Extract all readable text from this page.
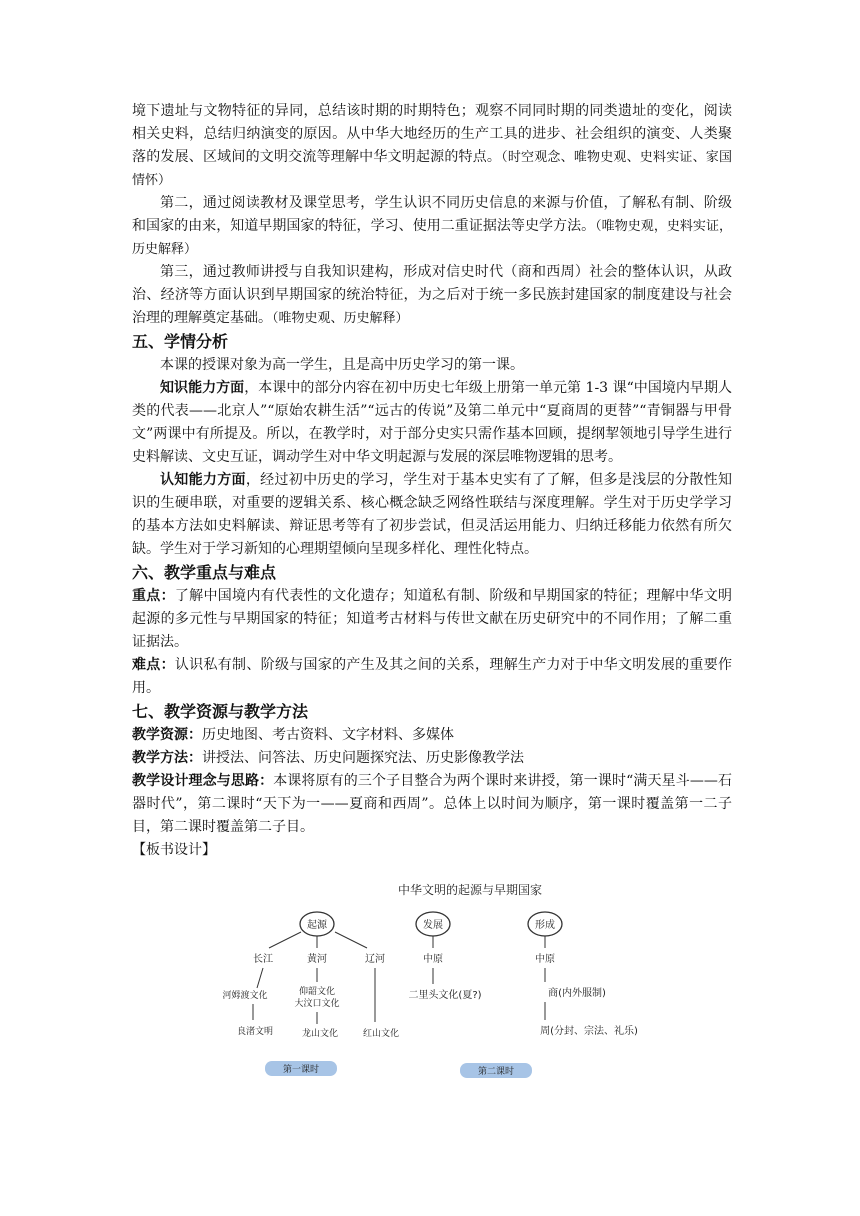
境下遗址与文物特征的异同，总结该时期的时期特色；观察不同同时期的同类遗址的变化，阅读相关史料，总结归纳演变的原因。从中华大地经历的生产工具的进步、社会组织的演变、人类聚落的发展、区域间的文明交流等理解中华文明起源的特点。（时空观念、唯物史观、史料实证、家国情怀）

第二，通过阅读教材及课堂思考，学生认识不同历史信息的来源与价值，了解私有制、阶级和国家的由来，知道早期国家的特征，学习、使用二重证据法等史学方法。（唯物史观，史料实证，历史解释）

第三，通过教师讲授与自我知识建构，形成对信史时代（商和西周）社会的整体认识，从政治、经济等方面认识到早期国家的统治特征，为之后对于统一多民族封建国家的制度建设与社会治理的理解奠定基础。（唯物史观、历史解释）

五、学情分析

本课的授课对象为高一学生，且是高中历史学习的第一课。

知识能力方面，本课中的部分内容在初中历史七年级上册第一单元第 1-3 课“中国境内早期人类的代表——北京人”“原始农耕生活”“远古的传说”及第二单元中“夏商周的更替”“青铜器与甲骨文”两课中有所提及。所以，在教学时，对于部分史实只需作基本回顾，提纲挈领地引导学生进行史料解读、文史互证，调动学生对中华文明起源与发展的深层唯物逻辑的思考。

认知能力方面，经过初中历史的学习，学生对于基本史实有了了解，但多是浅层的分散性知识的生硬串联，对重要的逻辑关系、核心概念缺乏网络性联结与深度理解。学生对于历史学学习的基本方法如史料解读、辩证思考等有了初步尝试，但灵活运用能力、归纳迁移能力依然有所欠缺。学生对于学习新知的心理期望倾向呈现多样化、理性化特点。

六、教学重点与难点

重点：了解中国境内有代表性的文化遗存；知道私有制、阶级和早期国家的特征；理解中华文明起源的多元性与早期国家的特征；知道考古材料与传世文献在历史研究中的不同作用；了解二重证据法。

难点：认识私有制、阶级与国家的产生及其之间的关系，理解生产力对于中华文明发展的重要作用。

七、教学资源与教学方法

教学资源：历史地图、考古资料、文字材料、多媒体

教学方法：讲授法、问答法、历史问题探究法、历史影像教学法

教学设计理念与思路：本课将原有的三个子目整合为两个课时来讲授，第一课时“满天星斗——石器时代”，第二课时“天下为一——夏商和西周”。总体上以时间为顺序，第一课时覆盖第一二子目，第二课时覆盖第二子目。

【板书设计】

中华文明的起源与早期国家
起源	发展	形成
长江	黄河	辽河
河姆渡文化	仰韶文化
大汶口文化
良渚文明	龙山文化	红山文化
中原
二里头文化(夏?)
中原
商(内外服制)
周(分封、宗法、礼乐)
第一课时	第二课时
